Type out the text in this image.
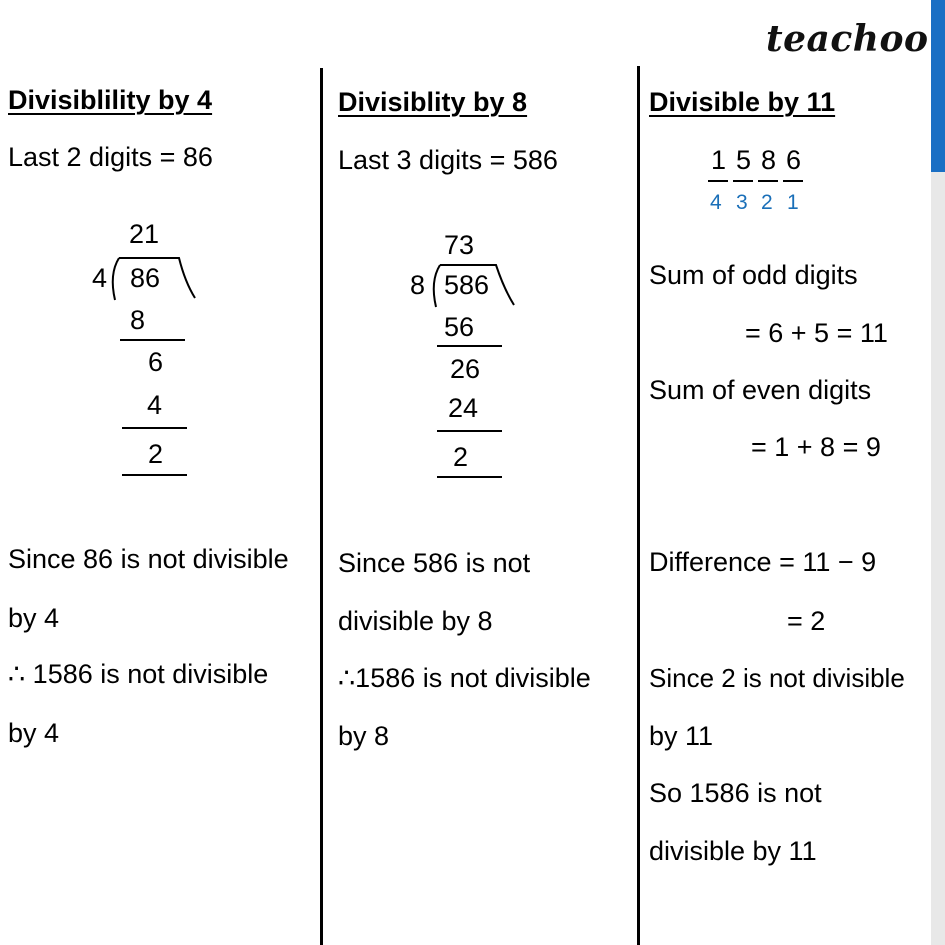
teachoo
Divisiblility by 4
Last 2 digits = 86
21
4 86
8
6
4
2
Since 86 is not divisible
by 4
∴ 1586 is not divisible
by 4
Divisiblity by 8
Last 3 digits = 586
73
8 586
56
26
24
2
Since 586 is not
divisible by 8
∴1586 is not divisible
by 8
Divisible by 11
1 5 8 6
4 3 2 1
Sum of odd digits
= 6 + 5 = 11
Sum of even digits
= 1 + 8 = 9
Difference = 11 − 9
= 2
Since 2 is not divisible
by 11
So 1586 is not
divisible by 11
